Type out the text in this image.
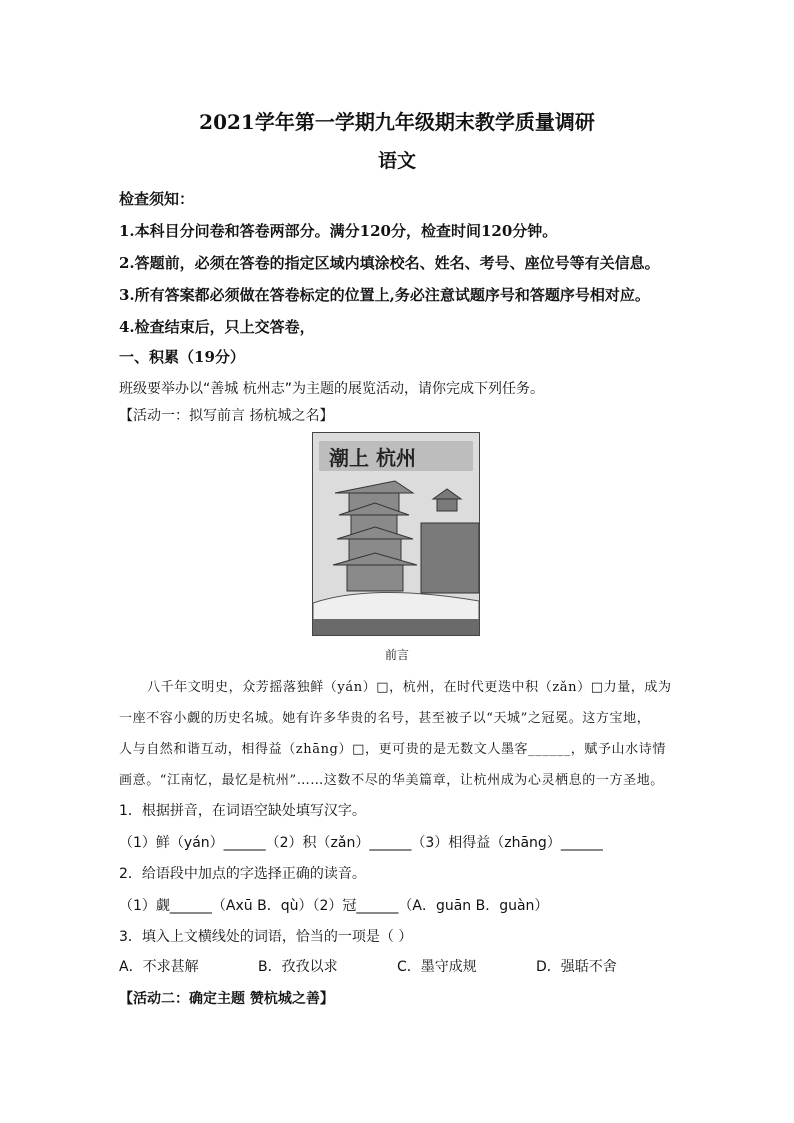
2021学年第一学期九年级期末教学质量调研
语文
检查须知：
1.本科目分问卷和答卷两部分。满分120分，检查时间120分钟。
2.答题前，必须在答卷的指定区域内填涂校名、姓名、考号、座位号等有关信息。
3.所有答案都必须做在答卷标定的位置上,务必注意试题序号和答题序号相对应。
4.检查结束后，只上交答卷，
一、积累（19分）
班级要举办以“善城 杭州志”为主题的展览活动，请你完成下列任务。
【活动一：拟写前言 扬杭城之名】
潮上 杭州
前言
八千年文明史，众芳摇落独鲜（yán）□，杭州，在时代更迭中积（zǎn）□力量，成为
一座不容小觑的历史名城。她有许多华贵的名号，甚至被子以“天城”之冠冕。这方宝地，
人与自然和谐互动，相得益（zhāng）□，更可贵的是无数文人墨客______，赋予山水诗情
画意。“江南忆，最忆是杭州”……这数不尽的华美篇章，让杭州成为心灵栖息的一方圣地。
1．根据拼音，在词语空缺处填写汉字。
（1）鲜（yán）______（2）积（zǎn）______（3）相得益（zhāng）______
2．给语段中加点的字选择正确的读音。
（1）觑______（Axū B．qù）（2）冠______（A．guān B．guàn）
3．填入上文横线处的词语，恰当的一项是（ ）
A．不求甚解	B．孜孜以求	C．墨守成规	D．强聒不舍
【活动二：确定主题 赞杭城之善】
